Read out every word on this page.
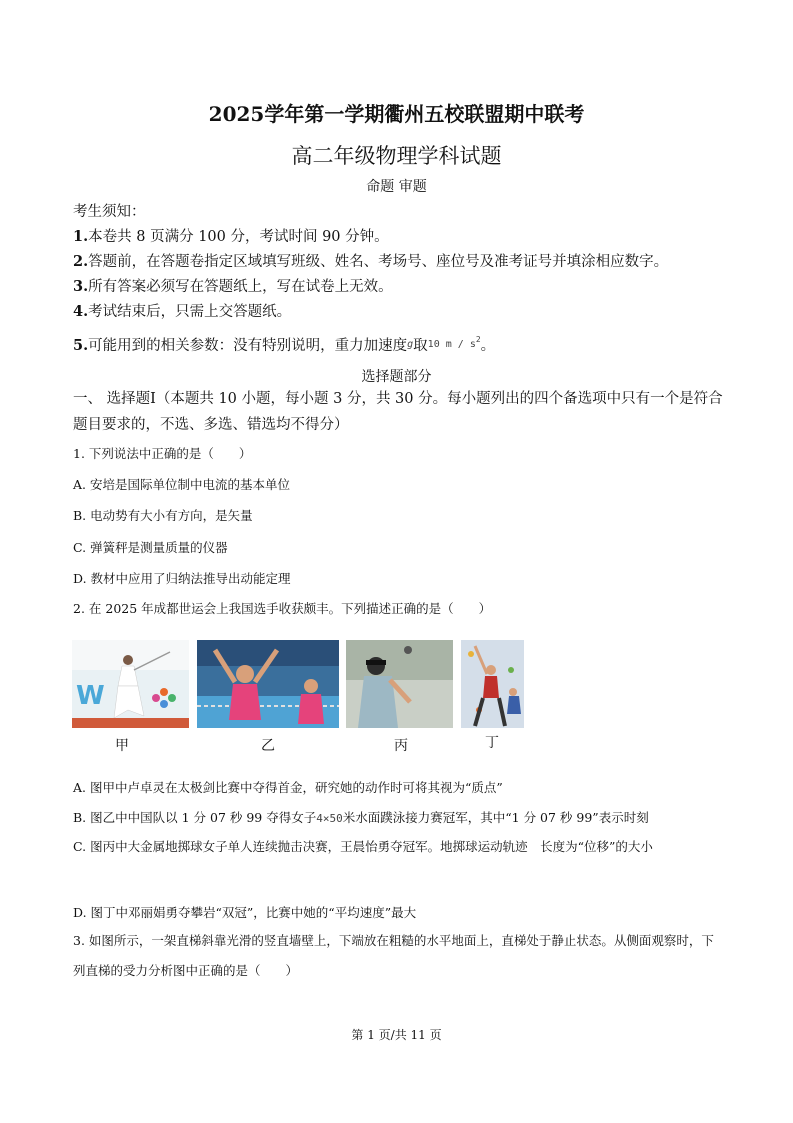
2025学年第一学期衢州五校联盟期中联考
高二年级物理学科试题
命题 审题
考生须知：
1.本卷共 8 页满分 100 分，考试时间 90 分钟。
2.答题前，在答题卷指定区域填写班级、姓名、考场号、座位号及准考证号并填涂相应数字。
3.所有答案必须写在答题纸上，写在试卷上无效。
4.考试结束后，只需上交答题纸。
5.可能用到的相关参数：没有特别说明，重力加速度$^g$取$^{10 m / s2}$。
选择题部分
一、 选择题Ⅰ（本题共 10 小题，每小题 3 分，共 30 分。每小题列出的四个备选项中只有一个是符合题目要求的，不选、多选、错选均不得分）
1. 下列说法中正确的是（　　）
A. 安培是国际单位制中电流的基本单位
B. 电动势有大小有方向，是矢量
C. 弹簧秤是测量质量的仪器
D. 教材中应用了归纳法推导出动能定理
2. 在 2025 年成都世运会上我国选手收获颇丰。下列描述正确的是（　　）
W
甲	乙	丙	丁
A. 图甲中卢卓灵在太极剑比赛中夺得首金，研究她的动作时可将其视为“质点”
B. 图乙中中国队以 1 分 07 秒 99 夺得女子4×50米水面蹼泳接力赛冠军，其中“1 分 07 秒 99”表示时刻
C. 图丙中大金属地掷球女子单人连续抛击决赛，王晨怡勇夺冠军。地掷球运动轨迹　长度为“位移”的大小
D. 图丁中邓丽娟勇夺攀岩“双冠”，比赛中她的“平均速度”最大
3. 如图所示，一架直梯斜靠光滑的竖直墙壁上，下端放在粗糙的水平地面上，直梯处于静止状态。从侧面观察时，下列直梯的受力分析图中正确的是（　　）
第 1 页/共 11 页
